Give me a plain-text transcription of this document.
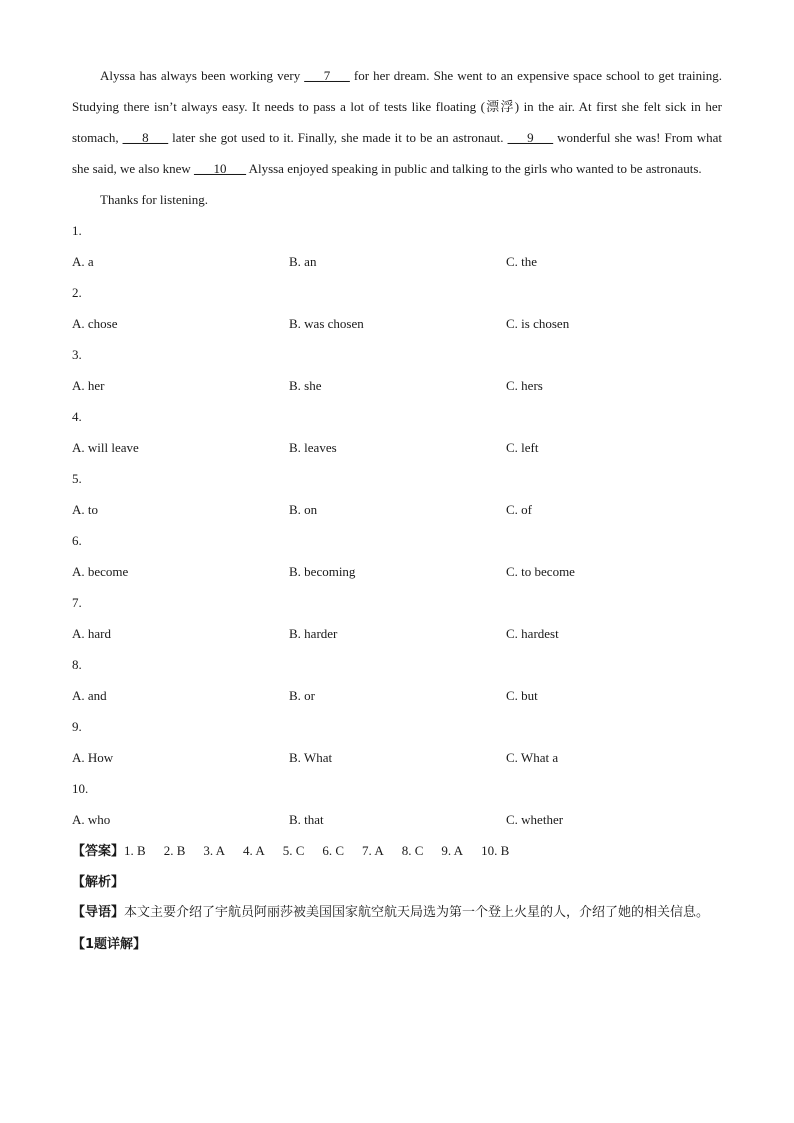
Alyssa has always been working very ___7___ for her dream. She went to an expensive space school to get training. Studying there isn’t always easy. It needs to pass a lot of tests like floating (漂浮) in the air. At first she felt sick in her stomach, ___8___ later she got used to it. Finally, she made it to be an astronaut. ___9___ wonderful she was! From what she said, we also knew ___10___ Alyssa enjoyed speaking in public and talking to the girls who wanted to be astronauts.

Thanks for listening.

1.
A. a	B. an	C. the
2.
A. chose	B. was chosen	C. is chosen
3.
A. her	B. she	C. hers
4.
A. will leave	B. leaves	C. left
5.
A. to	B. on	C. of
6.
A. become	B. becoming	C. to become
7.
A. hard	B. harder	C. hardest
8.
A. and	B. or	C. but
9.
A. How	B. What	C. What a
10.
A. who	B. that	C. whether
【答案】1. B 2. B 3. A 4. A 5. C 6. C 7. A 8. C 9. A 10. B
【解析】

【导语】本文主要介绍了宇航员阿丽莎被美国国家航空航天局选为第一个登上火星的人，介绍了她的相关信息。

【1题详解】
